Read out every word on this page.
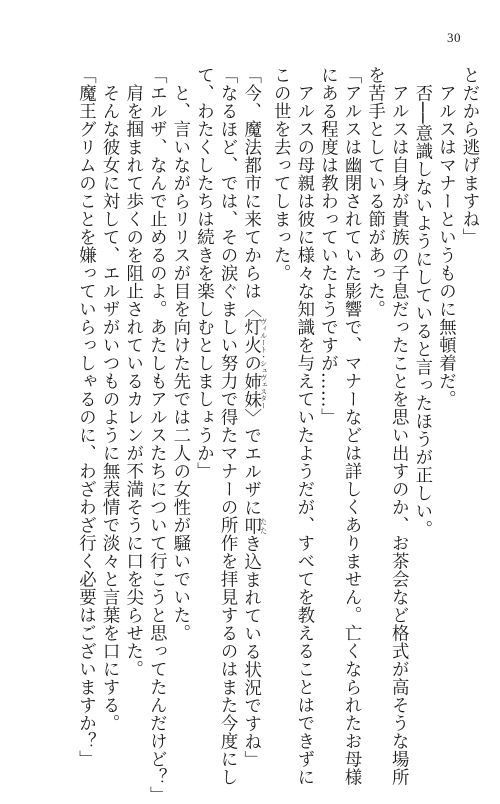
30
とだから逃げますね」
　アルスはマナーというものに無頓着だ。
　否──意識しないようにしていると言ったほうが正しい。
　アルスは自身が貴族の子息だったことを思い出すのか、お茶会など格式が高そうな場所
を苦手としている節があった。
「アルスは幽閉されていた影響で、マナーなどは詳しくありません。亡くなられたお母様
にある程度は教わっていたようですが……」
　アルスの母親は彼に様々な知識を与えていたようだが、すべてを教えることはできずに
この世を去ってしまった。
「今、魔法都市に来てからは〈灯火の姉妹 ヴィルート・シュヴェスター〉でエルザに叩 たたき込まれている状況ですね」
「なるほど、では、その涙ぐましい努力で得たマナーの所作を拝見するのはまた今度にし
て、わたくしたちは続きを楽しむとしましょうか」
　と、言いながらリリスが目を向けた先では二人の女性が騒いでいた。
「エルザ、なんで止めるのよ。あたしもアルスたちについて行こうと思ってたんだけど？」
　肩を掴まれて歩くのを阻止されているカレンが不満そうに口を尖らせた。
　そんな彼女に対して、エルザがいつものように無表情で淡々と言葉を口にする。
「魔王グリムのことを嫌っていらっしゃるのに、わざわざ行く必要はございますか？」
